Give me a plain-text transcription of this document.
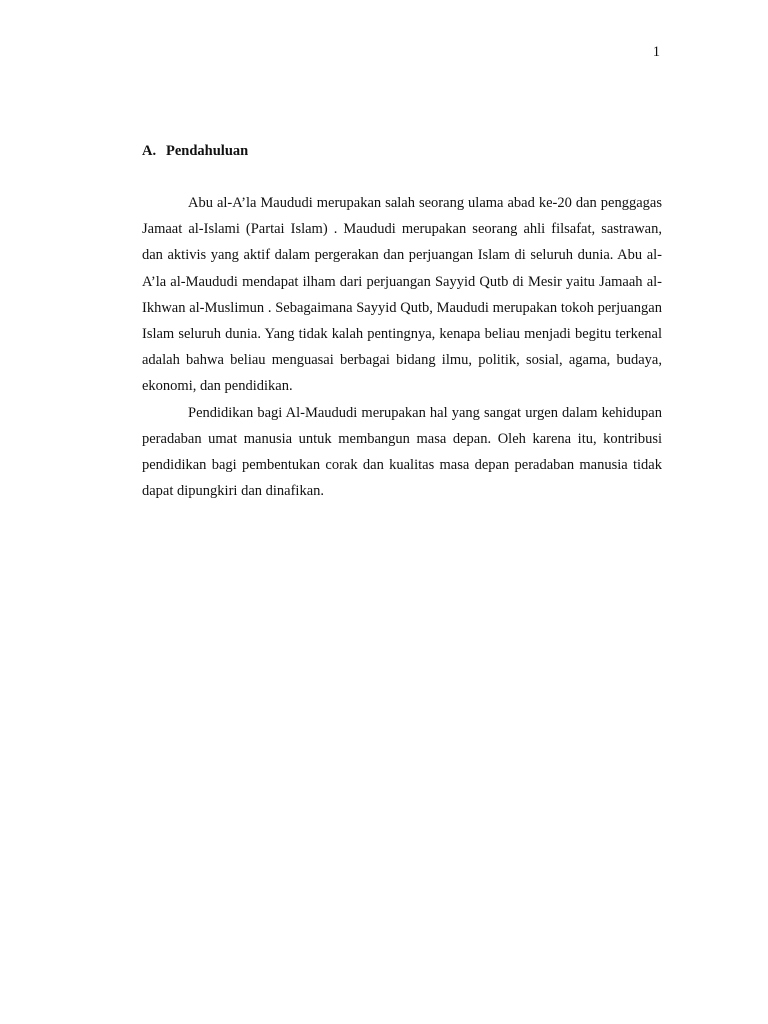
1
A. Pendahuluan

Abu al-A’la Maududi merupakan salah seorang ulama abad ke-20 dan penggagas Jamaat al-Islami (Partai Islam) . Maududi merupakan seorang ahli filsafat, sastrawan, dan aktivis yang aktif dalam pergerakan dan perjuangan Islam di seluruh dunia. Abu al-A’la al-Maududi mendapat ilham dari perjuangan Sayyid Qutb di Mesir yaitu Jamaah al-Ikhwan al-Muslimun . Sebagaimana Sayyid Qutb, Maududi merupakan tokoh perjuangan Islam seluruh dunia. Yang tidak kalah pentingnya, kenapa beliau menjadi begitu terkenal adalah bahwa beliau menguasai berbagai bidang ilmu, politik, sosial, agama, budaya, ekonomi, dan pendidikan.

Pendidikan bagi Al-Maududi merupakan hal yang sangat urgen dalam kehidupan peradaban umat manusia untuk membangun masa depan. Oleh karena itu, kontribusi pendidikan bagi pembentukan corak dan kualitas masa depan peradaban manusia tidak dapat dipungkiri dan dinafikan.
